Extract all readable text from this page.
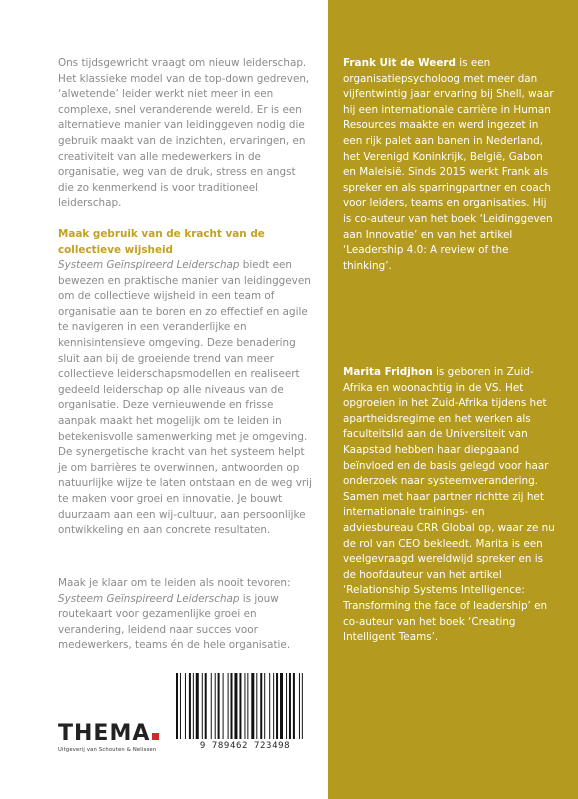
Ons tijdsgewricht vraagt om nieuw leiderschap. Het klassieke model van de top-down gedreven, ‘alwetende’ leider werkt niet meer in een complexe, snel veranderende wereld. Er is een alternatieve manier van leidinggeven nodig die gebruik maakt van de inzichten, ervaringen, en creativiteit van alle medewerkers in de organisatie, weg van de druk, stress en angst die zo kenmerkend is voor traditioneel leiderschap.

Maak gebruik van de kracht van de collectieve wijsheid

Systeem Geïnspireerd Leiderschap biedt een bewezen en praktische manier van leidinggeven om de collectieve wijsheid in een team of organisatie aan te boren en zo effectief en agile te navigeren in een veranderlijke en kennisintensieve omgeving. Deze benadering sluit aan bij de groeiende trend van meer collectieve leiderschapsmodellen en realiseert gedeeld leiderschap op alle niveaus van de organisatie. Deze vernieuwende en frisse aanpak maakt het mogelijk om te leiden in betekenisvolle samenwerking met je omgeving. De synergetische kracht van het systeem helpt je om barrières te overwinnen, antwoorden op natuurlijke wijze te laten ontstaan en de weg vrij te maken voor groei en innovatie. Je bouwt duurzaam aan een wij-cultuur, aan persoonlijke ontwikkeling en aan concrete resultaten.

Maak je klaar om te leiden als nooit tevoren: Systeem Geïnspireerd Leiderschap is jouw routekaart voor gezamenlijke groei en verandering, leidend naar succes voor medewerkers, teams én de hele organisatie.

9 789462 723498
THEMA
Uitgeverij van Schouten & Nelissen

Frank Uit de Weerd is een organisatiepsycholoog met meer dan vijfentwintig jaar ervaring bij Shell, waar hij een internationale carrière in Human Resources maakte en werd ingezet in een rijk palet aan banen in Nederland, het Verenigd Koninkrijk, België, Gabon en Maleisië. Sinds 2015 werkt Frank als spreker en als sparringpartner en coach voor leiders, teams en organisaties. Hij is co-auteur van het boek ‘Leidinggeven aan Innovatie’ en van het artikel ‘Leadership 4.0: A review of the thinking’.

Marita Fridjhon is geboren in Zuid-Afrika en woonachtig in de VS. Het opgroeien in het Zuid-Afrika tijdens het apartheidsregime en het werken als faculteitslid aan de Universiteit van Kaapstad hebben haar diepgaand beïnvloed en de basis gelegd voor haar onderzoek naar systeemverandering. Samen met haar partner richtte zij het internationale trainings- en adviesbureau CRR Global op, waar ze nu de rol van CEO bekleedt. Marita is een veelgevraagd wereldwijd spreker en is de hoofdauteur van het artikel ‘Relationship Systems Intelligence: Transforming the face of leadership’ en co-auteur van het boek ‘Creating Intelligent Teams’.
